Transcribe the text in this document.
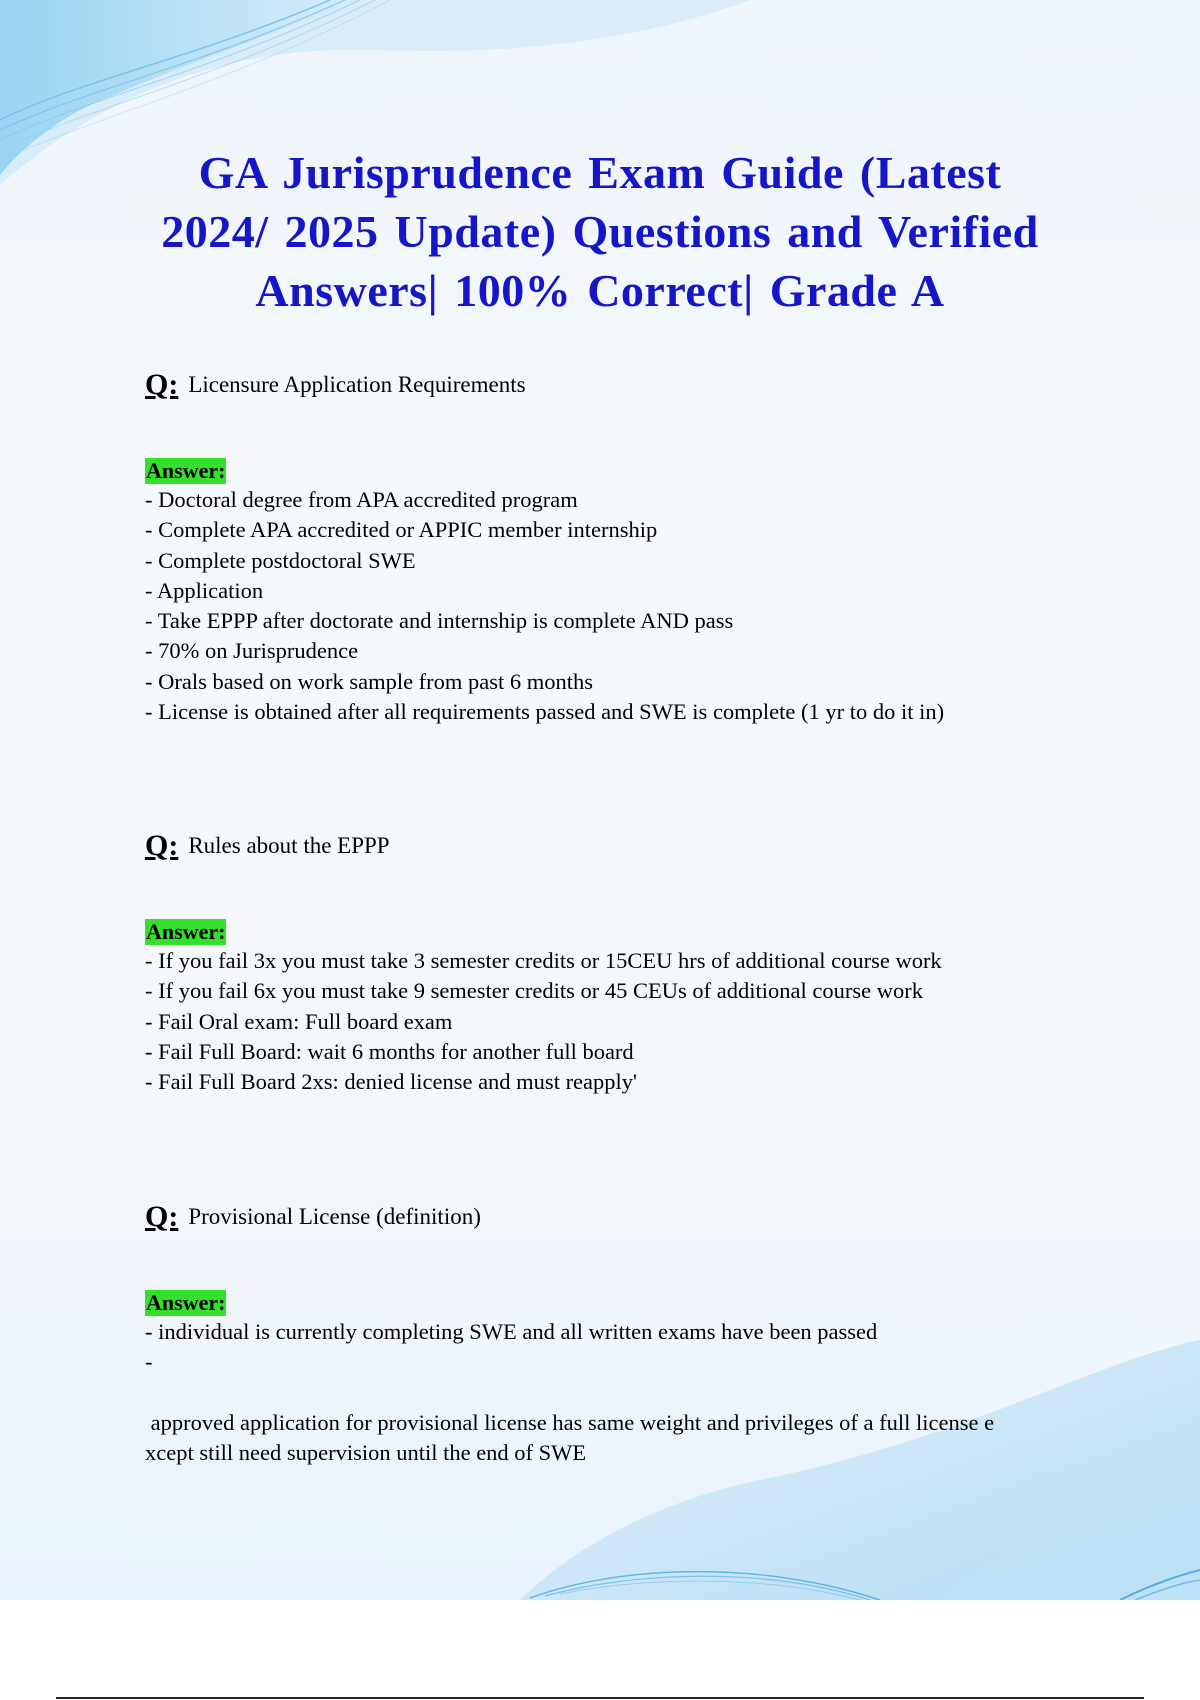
GA Jurisprudence Exam Guide (Latest
2024/ 2025 Update) Questions and Verified
Answers| 100% Correct| Grade A
Q: Licensure Application Requirements
Answer:
- Doctoral degree from APA accredited program
- Complete APA accredited or APPIC member internship
- Complete postdoctoral SWE
- Application
- Take EPPP after doctorate and internship is complete AND pass
- 70% on Jurisprudence
- Orals based on work sample from past 6 months
- License is obtained after all requirements passed and SWE is complete (1 yr to do it in)
Q: Rules about the EPPP
Answer:
- If you fail 3x you must take 3 semester credits or 15CEU hrs of additional course work
- If you fail 6x you must take 9 semester credits or 45 CEUs of additional course work
- Fail Oral exam: Full board exam
- Fail Full Board: wait 6 months for another full board
- Fail Full Board 2xs: denied license and must reapply'
Q: Provisional License (definition)
Answer:
- individual is currently completing SWE and all written exams have been passed
-
approved application for provisional license has same weight and privileges of a full license e
xcept still need supervision until the end of SWE
